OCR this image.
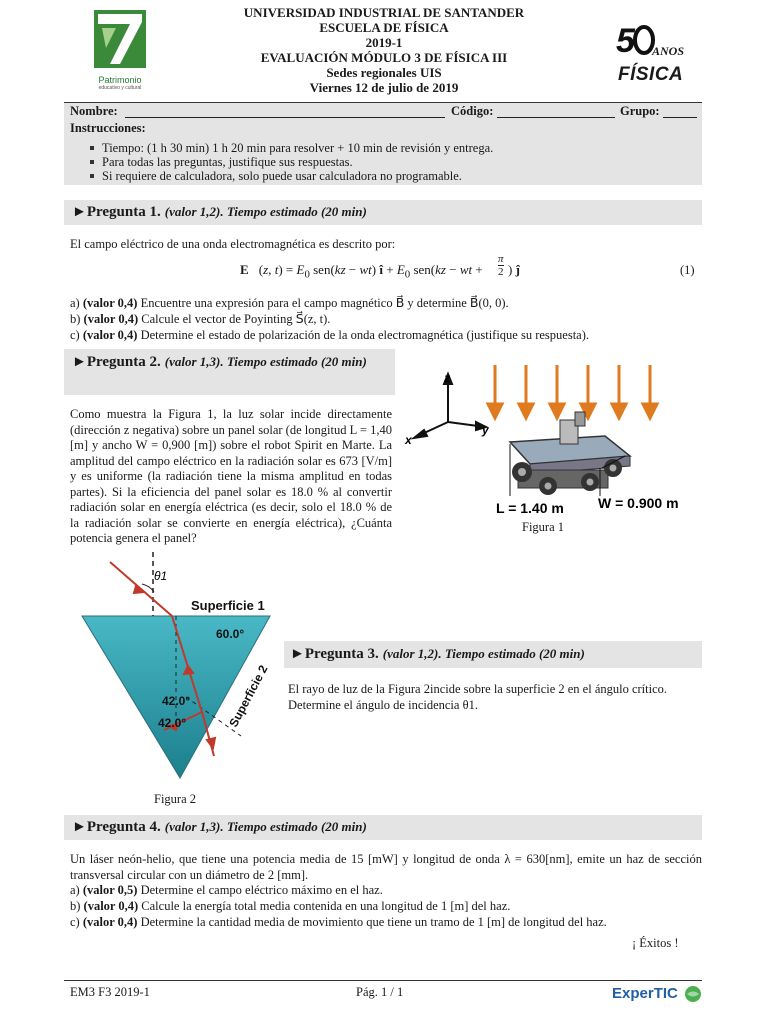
Patrimonio
educativo y cultural
UNIVERSIDAD INDUSTRIAL DE SANTANDER
ESCUELA DE FÍSICA
2019-1
EVALUACIÓN MÓDULO 3 DE FÍSICA III
Sedes regionales UIS
Viernes 12 de julio de 2019
5 ANOS
FÍSICA
Nombre:	Código:	Grupo:
Instrucciones:
Tiempo: (1 h 30 min) 1 h 20 min para resolver + 10 min de revisión y entrega.
Para todas las preguntas, justifique sus respuestas.
Si requiere de calculadora, solo puede usar calculadora no programable.
►Pregunta 1. (valor 1,2). Tiempo estimado (20 min)
El campo eléctrico de una onda electromagnética es descrito por:
E⃗(z, $t) = E_0$ sen(kz − wt) î + $E_0$ sen(kz − wt +
π
2 ) ĵ	(1)
a) (valor 0,4) Encuentre una expresión para el campo magnético B⃗ y determine B⃗(0, 0).
b) (valor 0,4) Calcule el vector de Poyinting S⃗(z, t).
c) (valor 0,4) Determine el estado de polarización de la onda electromagnética (justifique su respuesta).
►Pregunta 2. (valor 1,3). Tiempo estimado (20 min)
Como muestra la Figura 1, la luz solar incide directamente (dirección z negativa) sobre un panel solar (de longitud L = 1,40 [m] y ancho W = 0,900 [m]) sobre el robot Spirit en Marte. La amplitud del campo eléctrico en la radiación solar es 673 [V/m] y es uniforme (la radiación tiene la misma amplitud en todas partes). Si la eficiencia del panel solar es 18.0 % al convertir radiación solar en energía eléctrica (es decir, solo el 18.0 % de la radiación solar se convierte en energía eléctrica), ¿Cuánta potencia genera el panel?
z
y
x
L = 1.40 m W = 0.900 m
Figura 1
θ1
Superficie 1
60.0°
42.0°
42.0°	Superficie 2
Figura 2
►Pregunta 3. (valor 1,2). Tiempo estimado (20 min)
El rayo de luz de la Figura 2incide sobre la superficie 2 en el ángulo crítico. Determine el ángulo de incidencia θ1.
►Pregunta 4. (valor 1,3). Tiempo estimado (20 min)
Un láser neón-helio, que tiene una potencia media de 15 [mW] y longitud de onda λ = 630[nm], emite un haz de sección transversal circular con un diámetro de 2 [mm].
a) (valor 0,5) Determine el campo eléctrico máximo en el haz.
b) (valor 0,4) Calcule la energía total media contenida en una longitud de 1 [m] del haz.
c) (valor 0,4) Determine la cantidad media de movimiento que tiene un tramo de 1 [m] de longitud del haz.
¡ Éxitos !
EM3 F3 2019-1	Pág. 1 / 1	ExperTIC
